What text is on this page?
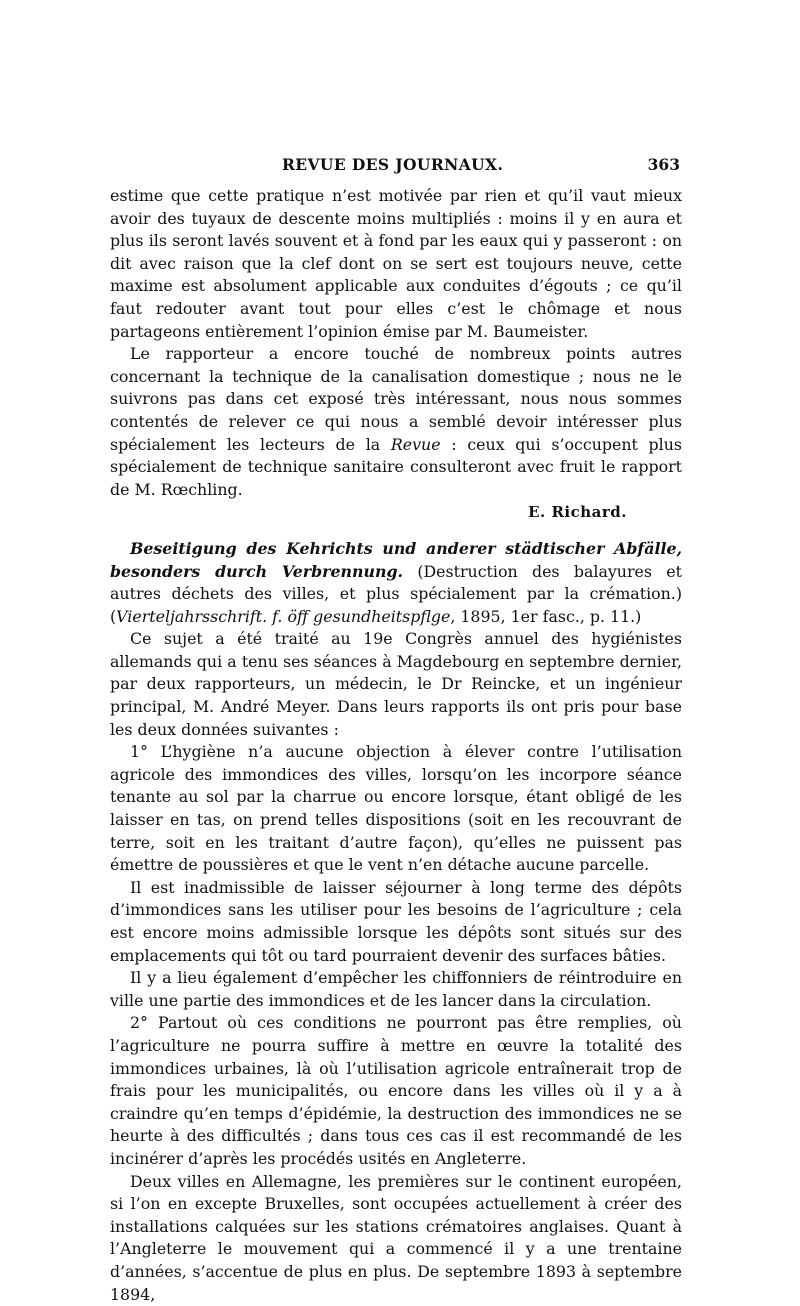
REVUE DES JOURNAUX.	363

estime que cette pratique n’est motivée par rien et qu’il vaut mieux avoir des tuyaux de descente moins multipliés : moins il y en aura et plus ils seront lavés souvent et à fond par les eaux qui y passeront : on dit avec raison que la clef dont on se sert est toujours neuve, cette maxime est absolument applicable aux conduites d’égouts ; ce qu’il faut redouter avant tout pour elles c’est le chômage et nous partageons entièrement l’opinion émise par M. Baumeister.

Le rapporteur a encore touché de nombreux points autres concernant la technique de la canalisation domestique ; nous ne le suivrons pas dans cet exposé très intéressant, nous nous sommes contentés de relever ce qui nous a semblé devoir intéresser plus spécialement les lecteurs de la Revue : ceux qui s’occupent plus spécialement de technique sanitaire consulteront avec fruit le rapport de M. Rœchling.

E. Richard.

Beseitigung des Kehrichts und anderer städtischer Abfälle, besonders durch Verbrennung. (Destruction des balayures et autres déchets des villes, et plus spécialement par la crémation.) (Vierteljahrsschrift. f. öff gesundheitspflge, 1895, 1er fasc., p. 11.)

Ce sujet a été traité au 19e Congrès annuel des hygiénistes allemands qui a tenu ses séances à Magdebourg en septembre dernier, par deux rapporteurs, un médecin, le Dr Reincke, et un ingénieur principal, M. André Meyer. Dans leurs rapports ils ont pris pour base les deux données suivantes :

1° L’hygiène n’a aucune objection à élever contre l’utilisation agricole des immondices des villes, lorsqu’on les incorpore séance tenante au sol par la charrue ou encore lorsque, étant obligé de les laisser en tas, on prend telles dispositions (soit en les recouvrant de terre, soit en les traitant d’autre façon), qu’elles ne puissent pas émettre de poussières et que le vent n’en détache aucune parcelle.

Il est inadmissible de laisser séjourner à long terme des dépôts d’immondices sans les utiliser pour les besoins de l’agriculture ; cela est encore moins admissible lorsque les dépôts sont situés sur des emplacements qui tôt ou tard pourraient devenir des surfaces bâties.

Il y a lieu également d’empêcher les chiffonniers de réintroduire en ville une partie des immondices et de les lancer dans la circulation.

2° Partout où ces conditions ne pourront pas être remplies, où l’agriculture ne pourra suffire à mettre en œuvre la totalité des immondices urbaines, là où l’utilisation agricole entraînerait trop de frais pour les municipalités, ou encore dans les villes où il y a à craindre qu’en temps d’épidémie, la destruction des immondices ne se heurte à des difficultés ; dans tous ces cas il est recommandé de les incinérer d’après les procédés usités en Angleterre.

Deux villes en Allemagne, les premières sur le continent européen, si l’on en excepte Bruxelles, sont occupées actuellement à créer des installations calquées sur les stations crématoires anglaises. Quant à l’Angleterre le mouvement qui a commencé il y a une trentaine d’années, s’accentue de plus en plus. De septembre 1893 à septembre 1894,
